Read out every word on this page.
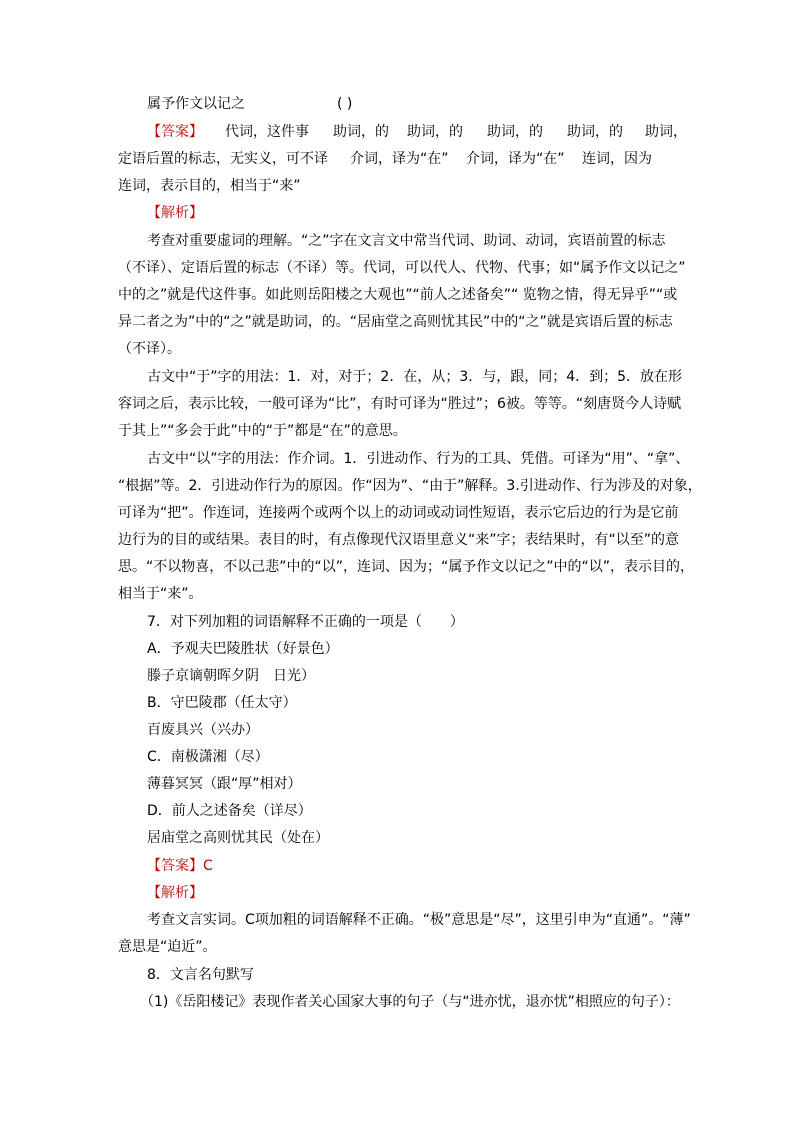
属予作文以记之	( )
【答案】 代词，这件事 助词，的 助词，的 助词，的 助词，的 助词，
定语后置的标志，无实义，可不译 介词，译为“在” 介词，译为“在” 连词，因为
连词，表示目的，相当于“来”
【解析】
考查对重要虚词的理解。“之”字在文言文中常当代词、助词、动词，宾语前置的标志
（不译）、定语后置的标志（不译）等。代词，可以代人、代物、代事；如“属予作文以记之”
中的之”就是代这件事。如此则岳阳楼之大观也”“前人之述备矣”“ 览物之情，得无异乎”“或
异二者之为”中的“之”就是助词，的。“居庙堂之高则忧其民”中的“之”就是宾语后置的标志
（不译）。
古文中“于”字的用法：1．对，对于；2．在，从；3．与，跟，同；4．到；5．放在形
容词之后，表示比较，一般可译为“比”，有时可译为“胜过”；6被。等等。“刻唐贤今人诗赋
于其上”“多会于此”中的“于”都是“在”的意思。
古文中“以”字的用法：作介词。1．引进动作、行为的工具、凭借。可译为“用”、“拿”、
“根据”等。2．引进动作行为的原因。作“因为”、“由于”解释。3.引进动作、行为涉及的对象，
可译为“把”。作连词，连接两个或两个以上的动词或动词性短语，表示它后边的行为是它前
边行为的目的或结果。表目的时，有点像现代汉语里意义“来”字；表结果时，有“以至”的意
思。“不以物喜，不以己悲”中的“以”，连词、因为；“属予作文以记之”中的“以”，表示目的，
相当于“来”。
7．对下列加粗的词语解释不正确的一项是（　　）
A．予观夫巴陵胜状（好景色）
滕子京谪朝晖夕阴　日光）
B．守巴陵郡（任太守）
百废具兴（兴办）
C．南极潇湘（尽）
薄暮冥冥（跟“厚”相对）
D．前人之述备矣（详尽）
居庙堂之高则忧其民（处在）
【答案】C
【解析】
考查文言实词。C项加粗的词语解释不正确。“极”意思是“尽”，这里引申为“直通”。“薄”
意思是“迫近”。
8．文言名句默写
（1)《岳阳楼记》表现作者关心国家大事的句子（与“进亦忧，退亦忧”相照应的句子）：
